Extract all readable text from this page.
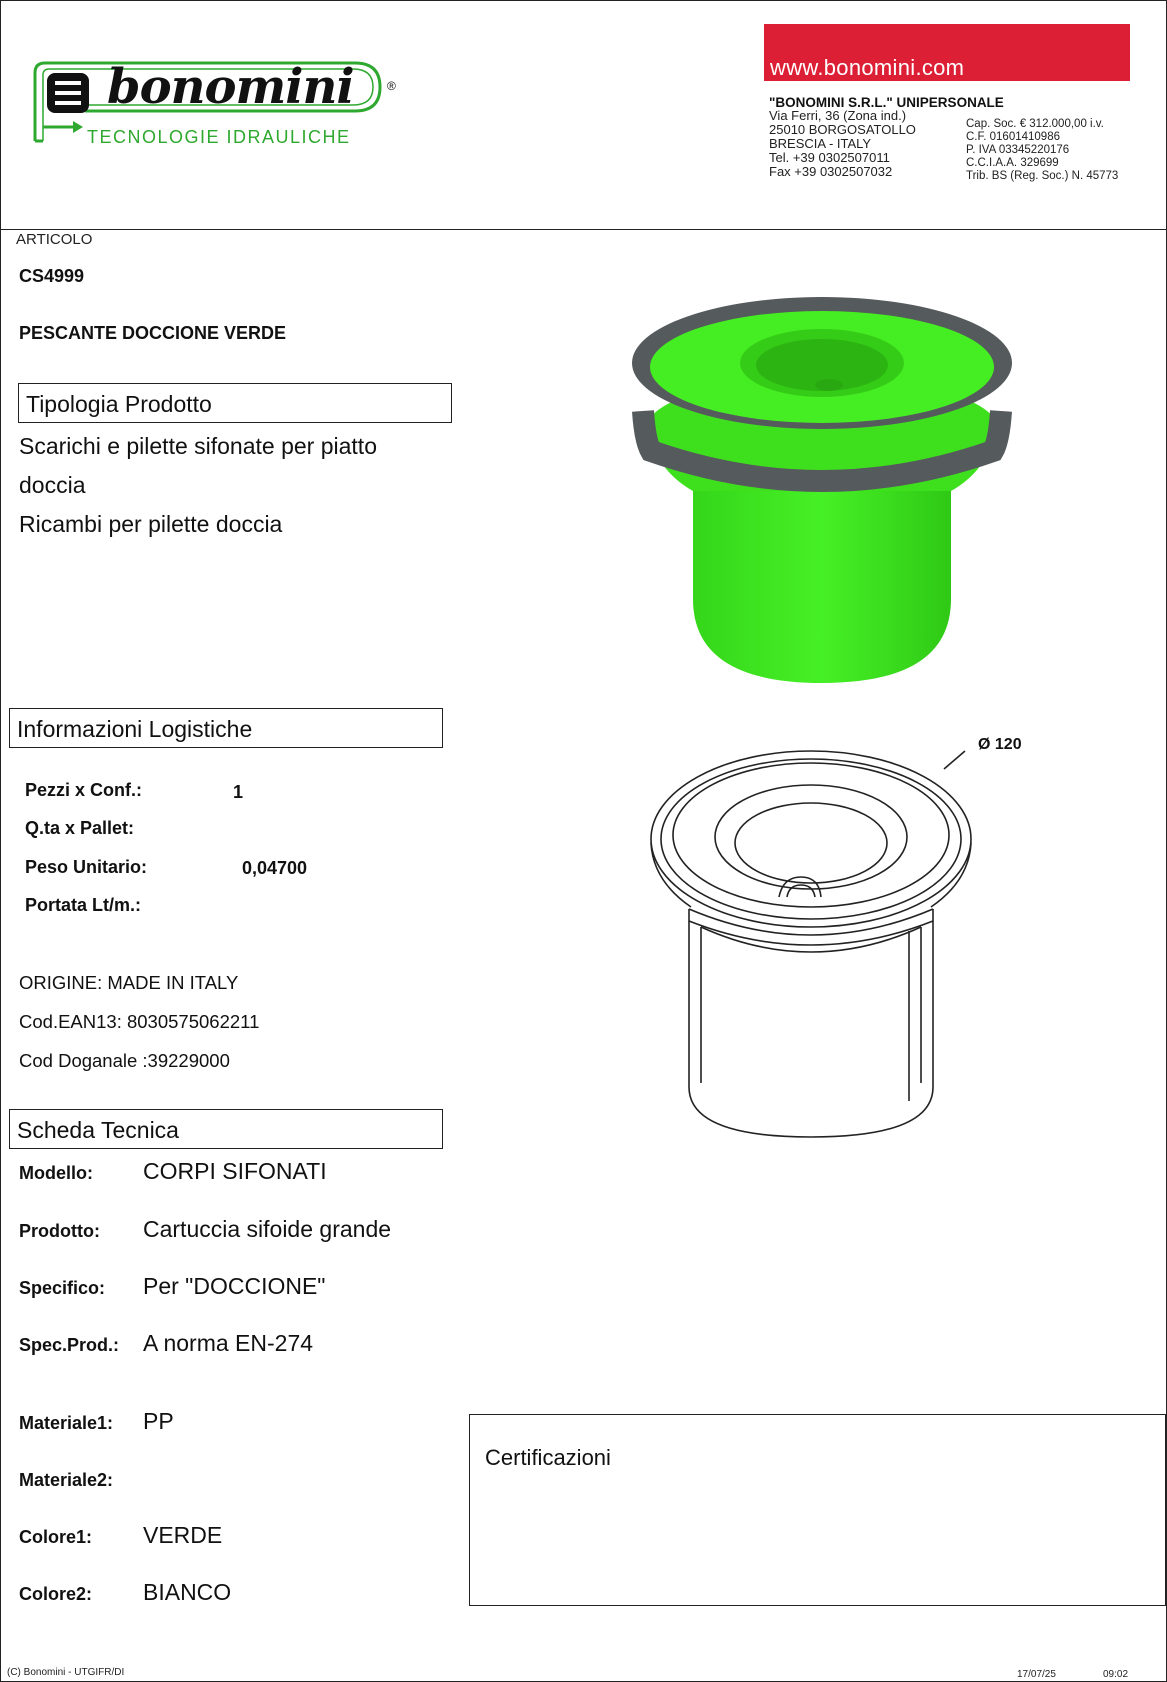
bonomini	®
TECNOLOGIE IDRAULICHE
www.bonomini.com
"BONOMINI S.R.L." UNIPERSONALE
Via Ferri, 36 (Zona ind.)
25010 BORGOSATOLLO
BRESCIA - ITALY
Tel. +39 0302507011
Fax +39 0302507032
Cap. Soc. € 312.000,00 i.v.
C.F. 01601410986
P. IVA 03345220176
C.C.I.A.A. 329699
Trib. BS (Reg. Soc.) N. 45773
ARTICOLO
CS4999
PESCANTE DOCCIONE VERDE
Tipologia Prodotto
Scarichi e pilette sifonate per piatto
doccia
Ricambi per pilette doccia
Ø 120
Informazioni Logistiche
Pezzi x Conf.:	1
Q.ta x Pallet:
Peso Unitario:	0,04700
Portata Lt/m.:
ORIGINE: MADE IN ITALY
Cod.EAN13: 8030575062211
Cod Doganale :39229000
Scheda Tecnica
Modello: CORPI SIFONATI
Prodotto: Cartuccia sifoide grande
Specifico: Per "DOCCIONE"
Spec.Prod.: A norma EN-274
Materiale1: PP
Materiale2:
Colore1: VERDE
Colore2: BIANCO
Certificazioni
(C) Bonomini - UTGIFR/DI	17/07/25	09:02
